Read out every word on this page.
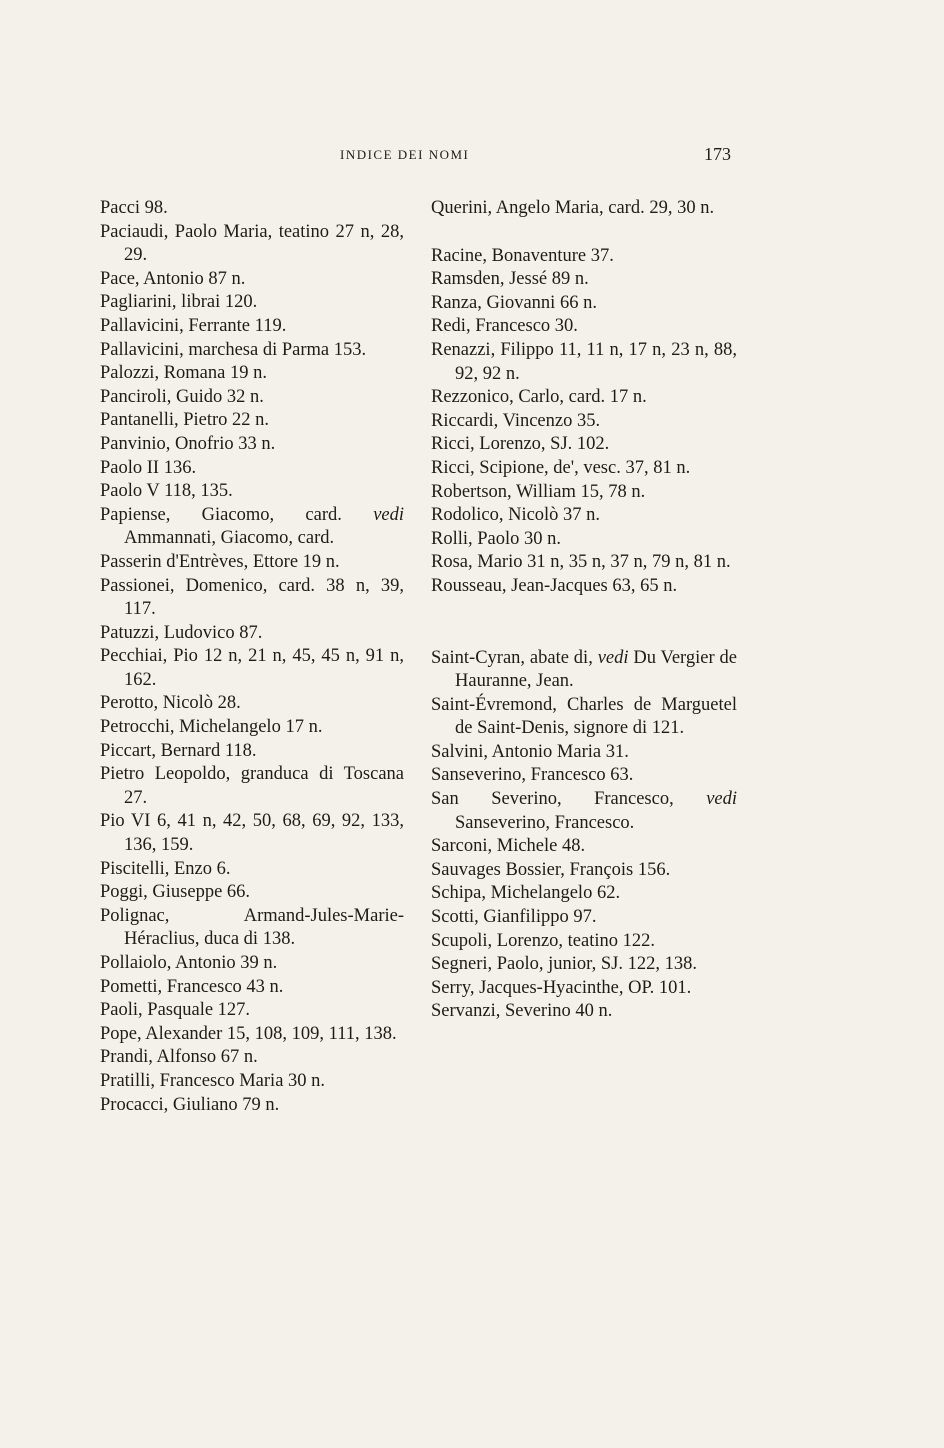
INDICE DEI NOMI	173

Pacci 98.

Paciaudi, Paolo Maria, teatino 27 n, 28, 29.

Pace, Antonio 87 n.

Pagliarini, librai 120.

Pallavicini, Ferrante 119.

Pallavicini, marchesa di Parma 153.

Palozzi, Romana 19 n.

Panciroli, Guido 32 n.

Pantanelli, Pietro 22 n.

Panvinio, Onofrio 33 n.

Paolo II 136.

Paolo V 118, 135.

Papiense, Giacomo, card. vedi Ammannati, Giacomo, card.

Passerin d'Entrèves, Ettore 19 n.

Passionei, Domenico, card. 38 n, 39, 117.

Patuzzi, Ludovico 87.

Pecchiai, Pio 12 n, 21 n, 45, 45 n, 91 n, 162.

Perotto, Nicolò 28.

Petrocchi, Michelangelo 17 n.

Piccart, Bernard 118.

Pietro Leopoldo, granduca di Toscana 27.

Pio VI 6, 41 n, 42, 50, 68, 69, 92, 133, 136, 159.

Piscitelli, Enzo 6.

Poggi, Giuseppe 66.

Polignac, Armand-Jules-Marie-Héraclius, duca di 138.

Pollaiolo, Antonio 39 n.

Pometti, Francesco 43 n.

Paoli, Pasquale 127.

Pope, Alexander 15, 108, 109, 111, 138.

Prandi, Alfonso 67 n.

Pratilli, Francesco Maria 30 n.

Procacci, Giuliano 79 n.

Querini, Angelo Maria, card. 29, 30 n.

Racine, Bonaventure 37.

Ramsden, Jessé 89 n.

Ranza, Giovanni 66 n.

Redi, Francesco 30.

Renazzi, Filippo 11, 11 n, 17 n, 23 n, 88, 92, 92 n.

Rezzonico, Carlo, card. 17 n.

Riccardi, Vincenzo 35.

Ricci, Lorenzo, SJ. 102.

Ricci, Scipione, de', vesc. 37, 81 n.

Robertson, William 15, 78 n.

Rodolico, Nicolò 37 n.

Rolli, Paolo 30 n.

Rosa, Mario 31 n, 35 n, 37 n, 79 n, 81 n.

Rousseau, Jean-Jacques 63, 65 n.

Saint-Cyran, abate di, vedi Du Vergier de Hauranne, Jean.

Saint-Évremond, Charles de Marguetel de Saint-Denis, signore di 121.

Salvini, Antonio Maria 31.

Sanseverino, Francesco 63.

San Severino, Francesco, vedi Sanseverino, Francesco.

Sarconi, Michele 48.

Sauvages Bossier, François 156.

Schipa, Michelangelo 62.

Scotti, Gianfilippo 97.

Scupoli, Lorenzo, teatino 122.

Segneri, Paolo, junior, SJ. 122, 138.

Serry, Jacques-Hyacinthe, OP. 101.

Servanzi, Severino 40 n.
